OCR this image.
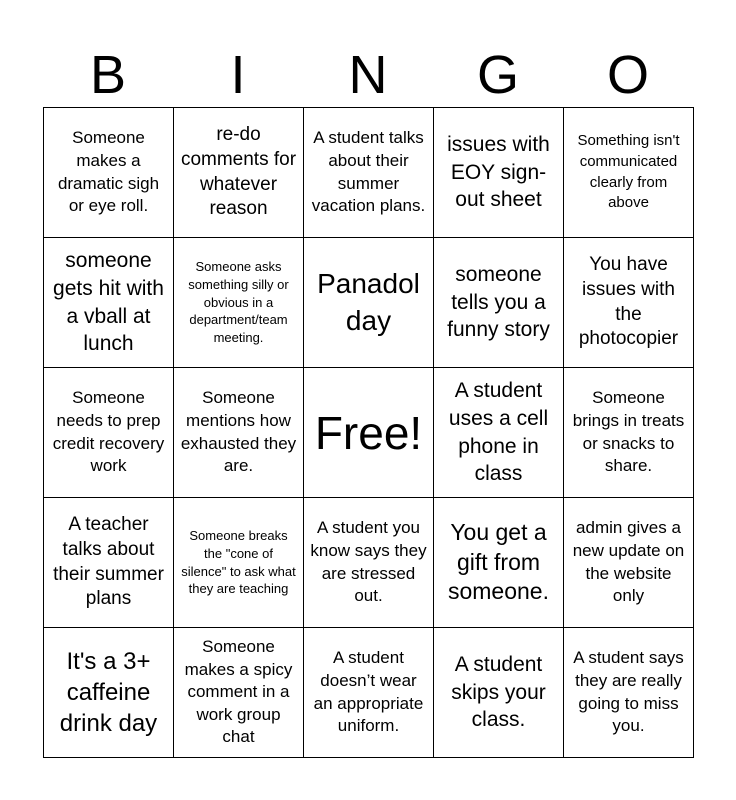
B	I	N	G	O
Someone makes a dramatic sigh or eye roll.
re-do comments for whatever reason
A student talks about their summer vacation plans.
issues with EOY sign-out sheet
Something isn't communicated clearly from above
someone gets hit with a vball at lunch
Someone asks something silly or obvious in a department/team meeting.
Panadol day
someone tells you a funny story
You have issues with the photocopier
Someone needs to prep credit recovery work
Someone mentions how exhausted they are.
Free!
A student uses a cell phone in class
Someone brings in treats or snacks to share.
A teacher talks about their summer plans
Someone breaks the "cone of silence" to ask what they are teaching
A student you know says they are stressed out.
You get a gift from someone.
admin gives a new update on the website only
It's a 3+ caffeine drink day
Someone makes a spicy comment in a work group chat
A student doesn’t wear an appropriate uniform.
A student skips your class.
A student says they are really going to miss you.
